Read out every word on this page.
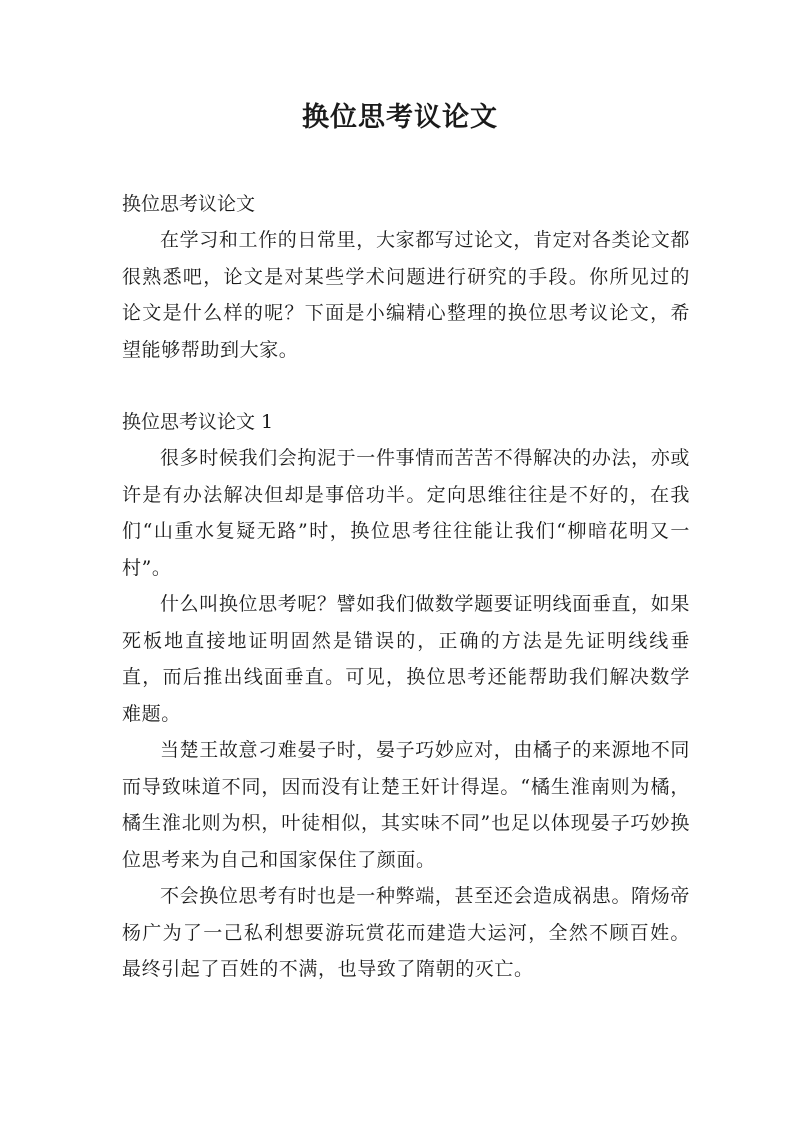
换位思考议论文

换位思考议论文

在学习和工作的日常里，大家都写过论文，肯定对各类论文都很熟悉吧，论文是对某些学术问题进行研究的手段。你所见过的论文是什么样的呢？下面是小编精心整理的换位思考议论文，希望能够帮助到大家。

换位思考议论文 1

很多时候我们会拘泥于一件事情而苦苦不得解决的办法，亦或许是有办法解决但却是事倍功半。定向思维往往是不好的，在我们“山重水复疑无路”时，换位思考往往能让我们“柳暗花明又一村”。

什么叫换位思考呢？譬如我们做数学题要证明线面垂直，如果死板地直接地证明固然是错误的，正确的方法是先证明线线垂直，而后推出线面垂直。可见，换位思考还能帮助我们解决数学难题。

当楚王故意刁难晏子时，晏子巧妙应对，由橘子的来源地不同而导致味道不同，因而没有让楚王奸计得逞。“橘生淮南则为橘，橘生淮北则为枳，叶徒相似，其实味不同”也足以体现晏子巧妙换位思考来为自己和国家保住了颜面。

不会换位思考有时也是一种弊端，甚至还会造成祸患。隋炀帝杨广为了一己私利想要游玩赏花而建造大运河，全然不顾百姓。最终引起了百姓的不满，也导致了隋朝的灭亡。
